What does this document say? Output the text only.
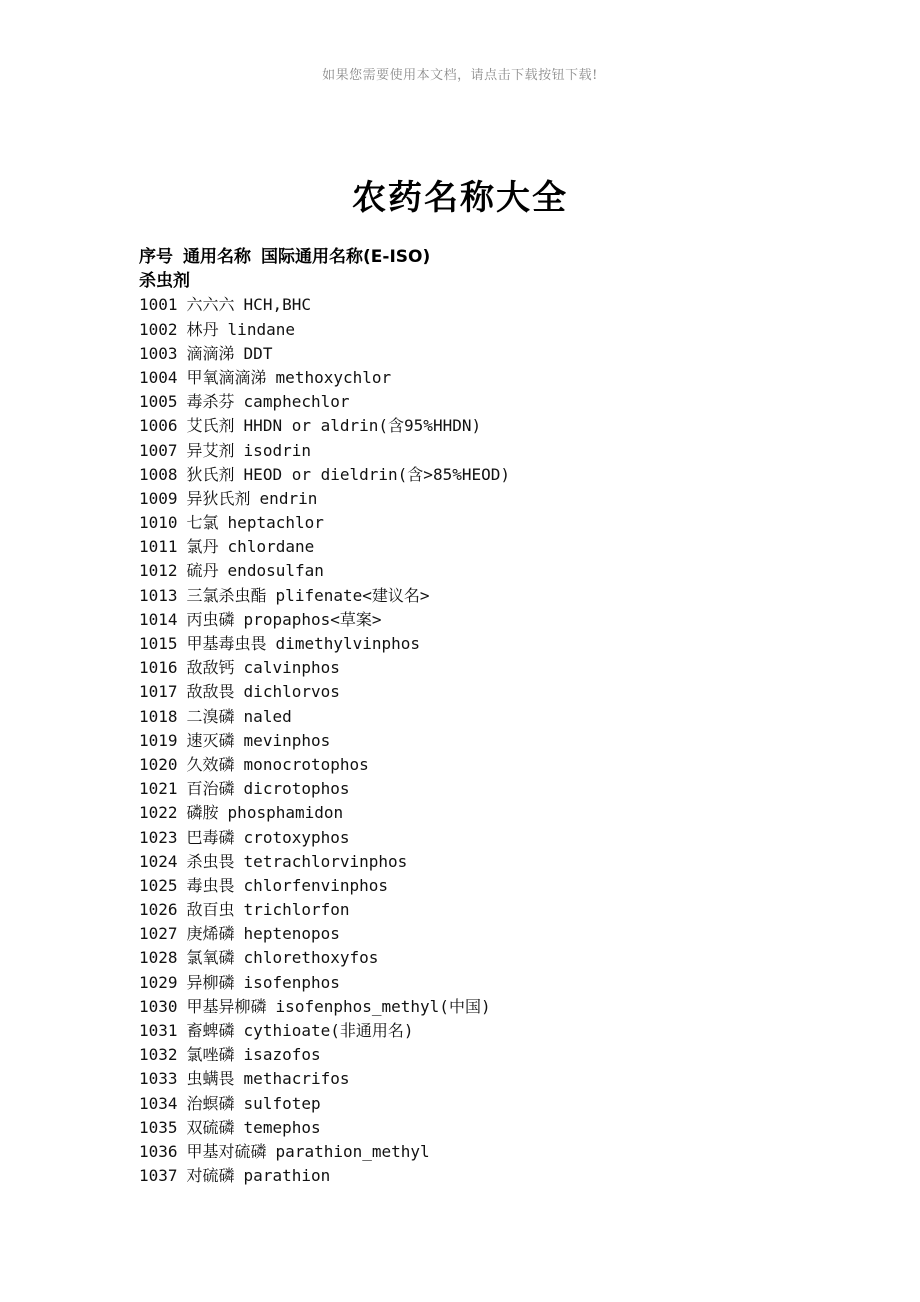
如果您需要使用本文档，请点击下载按钮下载!
农药名称大全
序号 通用名称 国际通用名称(E-ISO)
杀虫剂
1001 六六六 HCH,BHC
1002 林丹 lindane
1003 滴滴涕 DDT
1004 甲氧滴滴涕 methoxychlor
1005 毒杀芬 camphechlor
1006 艾氏剂 HHDN or aldrin(含95%HHDN)
1007 异艾剂 isodrin
1008 狄氏剂 HEOD or dieldrin(含>85%HEOD)
1009 异狄氏剂 endrin
1010 七氯 heptachlor
1011 氯丹 chlordane
1012 硫丹 endosulfan
1013 三氯杀虫酯 plifenate<建议名>
1014 丙虫磷 propaphos<草案>
1015 甲基毒虫畏 dimethylvinphos
1016 敌敌钙 calvinphos
1017 敌敌畏 dichlorvos
1018 二溴磷 naled
1019 速灭磷 mevinphos
1020 久效磷 monocrotophos
1021 百治磷 dicrotophos
1022 磷胺 phosphamidon
1023 巴毒磷 crotoxyphos
1024 杀虫畏 tetrachlorvinphos
1025 毒虫畏 chlorfenvinphos
1026 敌百虫 trichlorfon
1027 庚烯磷 heptenopos
1028 氯氧磷 chlorethoxyfos
1029 异柳磷 isofenphos
1030 甲基异柳磷 isofenphos_methyl(中国)
1031 畜蜱磷 cythioate(非通用名)
1032 氯唑磷 isazofos
1033 虫螨畏 methacrifos
1034 治螟磷 sulfotep
1035 双硫磷 temephos
1036 甲基对硫磷 parathion_methyl
1037 对硫磷 parathion
